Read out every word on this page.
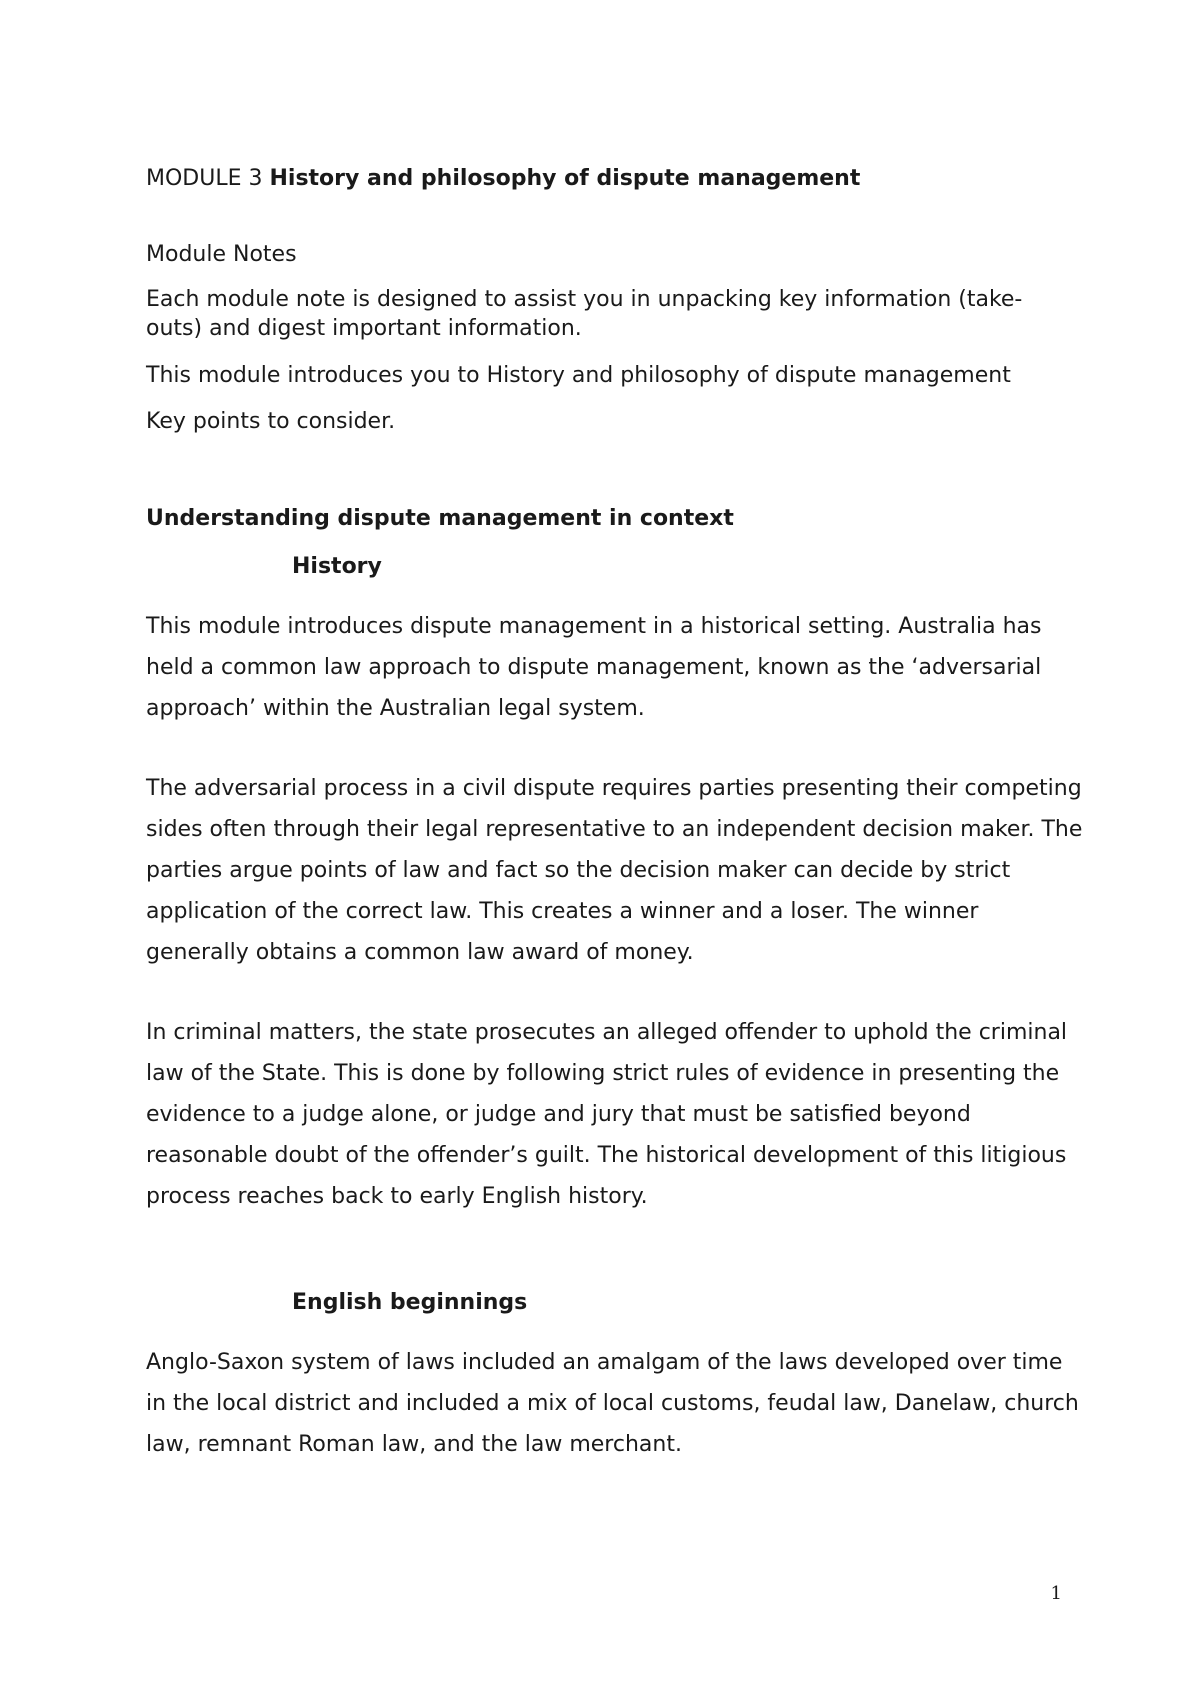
MODULE 3 History and philosophy of dispute management

Module Notes

Each module note is designed to assist you in unpacking key information (take-outs) and digest important information.

This module introduces you to History and philosophy of dispute management

Key points to consider.

Understanding dispute management in context

History

This module introduces dispute management in a historical setting. Australia has held a common law approach to dispute management, known as the ‘adversarial approach’ within the Australian legal system.

The adversarial process in a civil dispute requires parties presenting their competing sides often through their legal representative to an independent decision maker. The parties argue points of law and fact so the decision maker can decide by strict application of the correct law. This creates a winner and a loser. The winner generally obtains a common law award of money.

In criminal matters, the state prosecutes an alleged offender to uphold the criminal law of the State. This is done by following strict rules of evidence in presenting the evidence to a judge alone, or judge and jury that must be satisfied beyond reasonable doubt of the offender’s guilt. The historical development of this litigious process reaches back to early English history.

English beginnings

Anglo-Saxon system of laws included an amalgam of the laws developed over time in the local district and included a mix of local customs, feudal law, Danelaw, church law, remnant Roman law, and the law merchant.

1
